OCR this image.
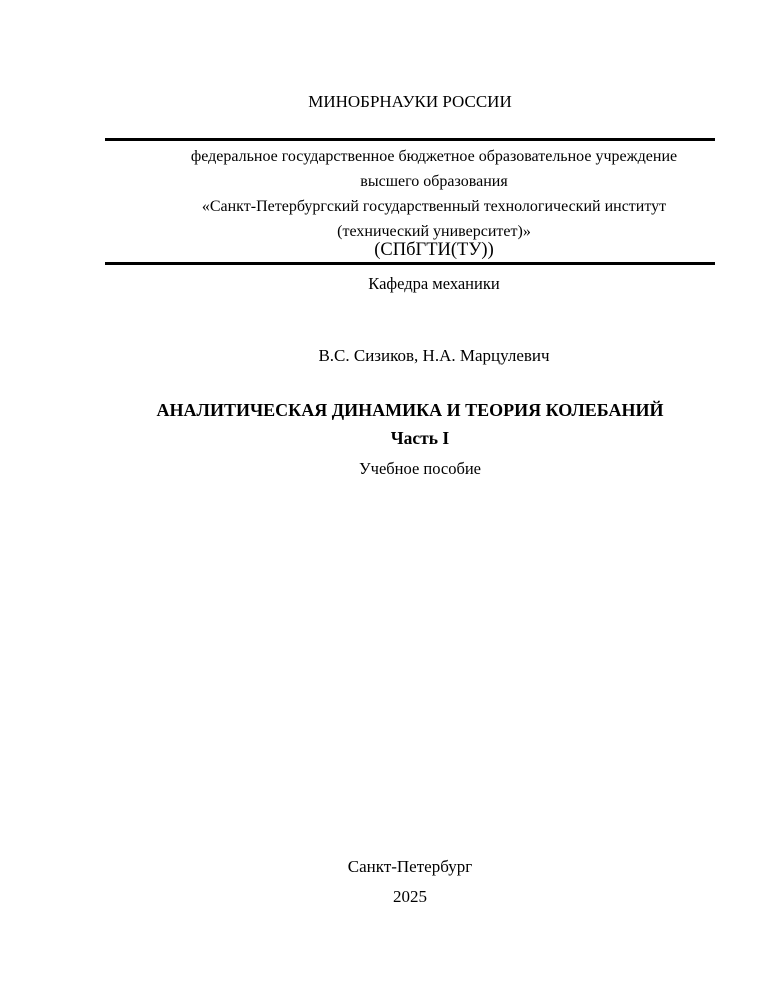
МИНОБРНАУКИ РОССИИ
федеральное государственное бюджетное образовательное учреждение
высшего образования
«Санкт-Петербургский государственный технологический институт
(технический университет)»
(СПбГТИ(ТУ))
Кафедра механики
В.С. Сизиков, Н.А. Марцулевич
АНАЛИТИЧЕСКАЯ ДИНАМИКА И ТЕОРИЯ КОЛЕБАНИЙ
Часть I
Учебное пособие
Санкт-Петербург
2025
